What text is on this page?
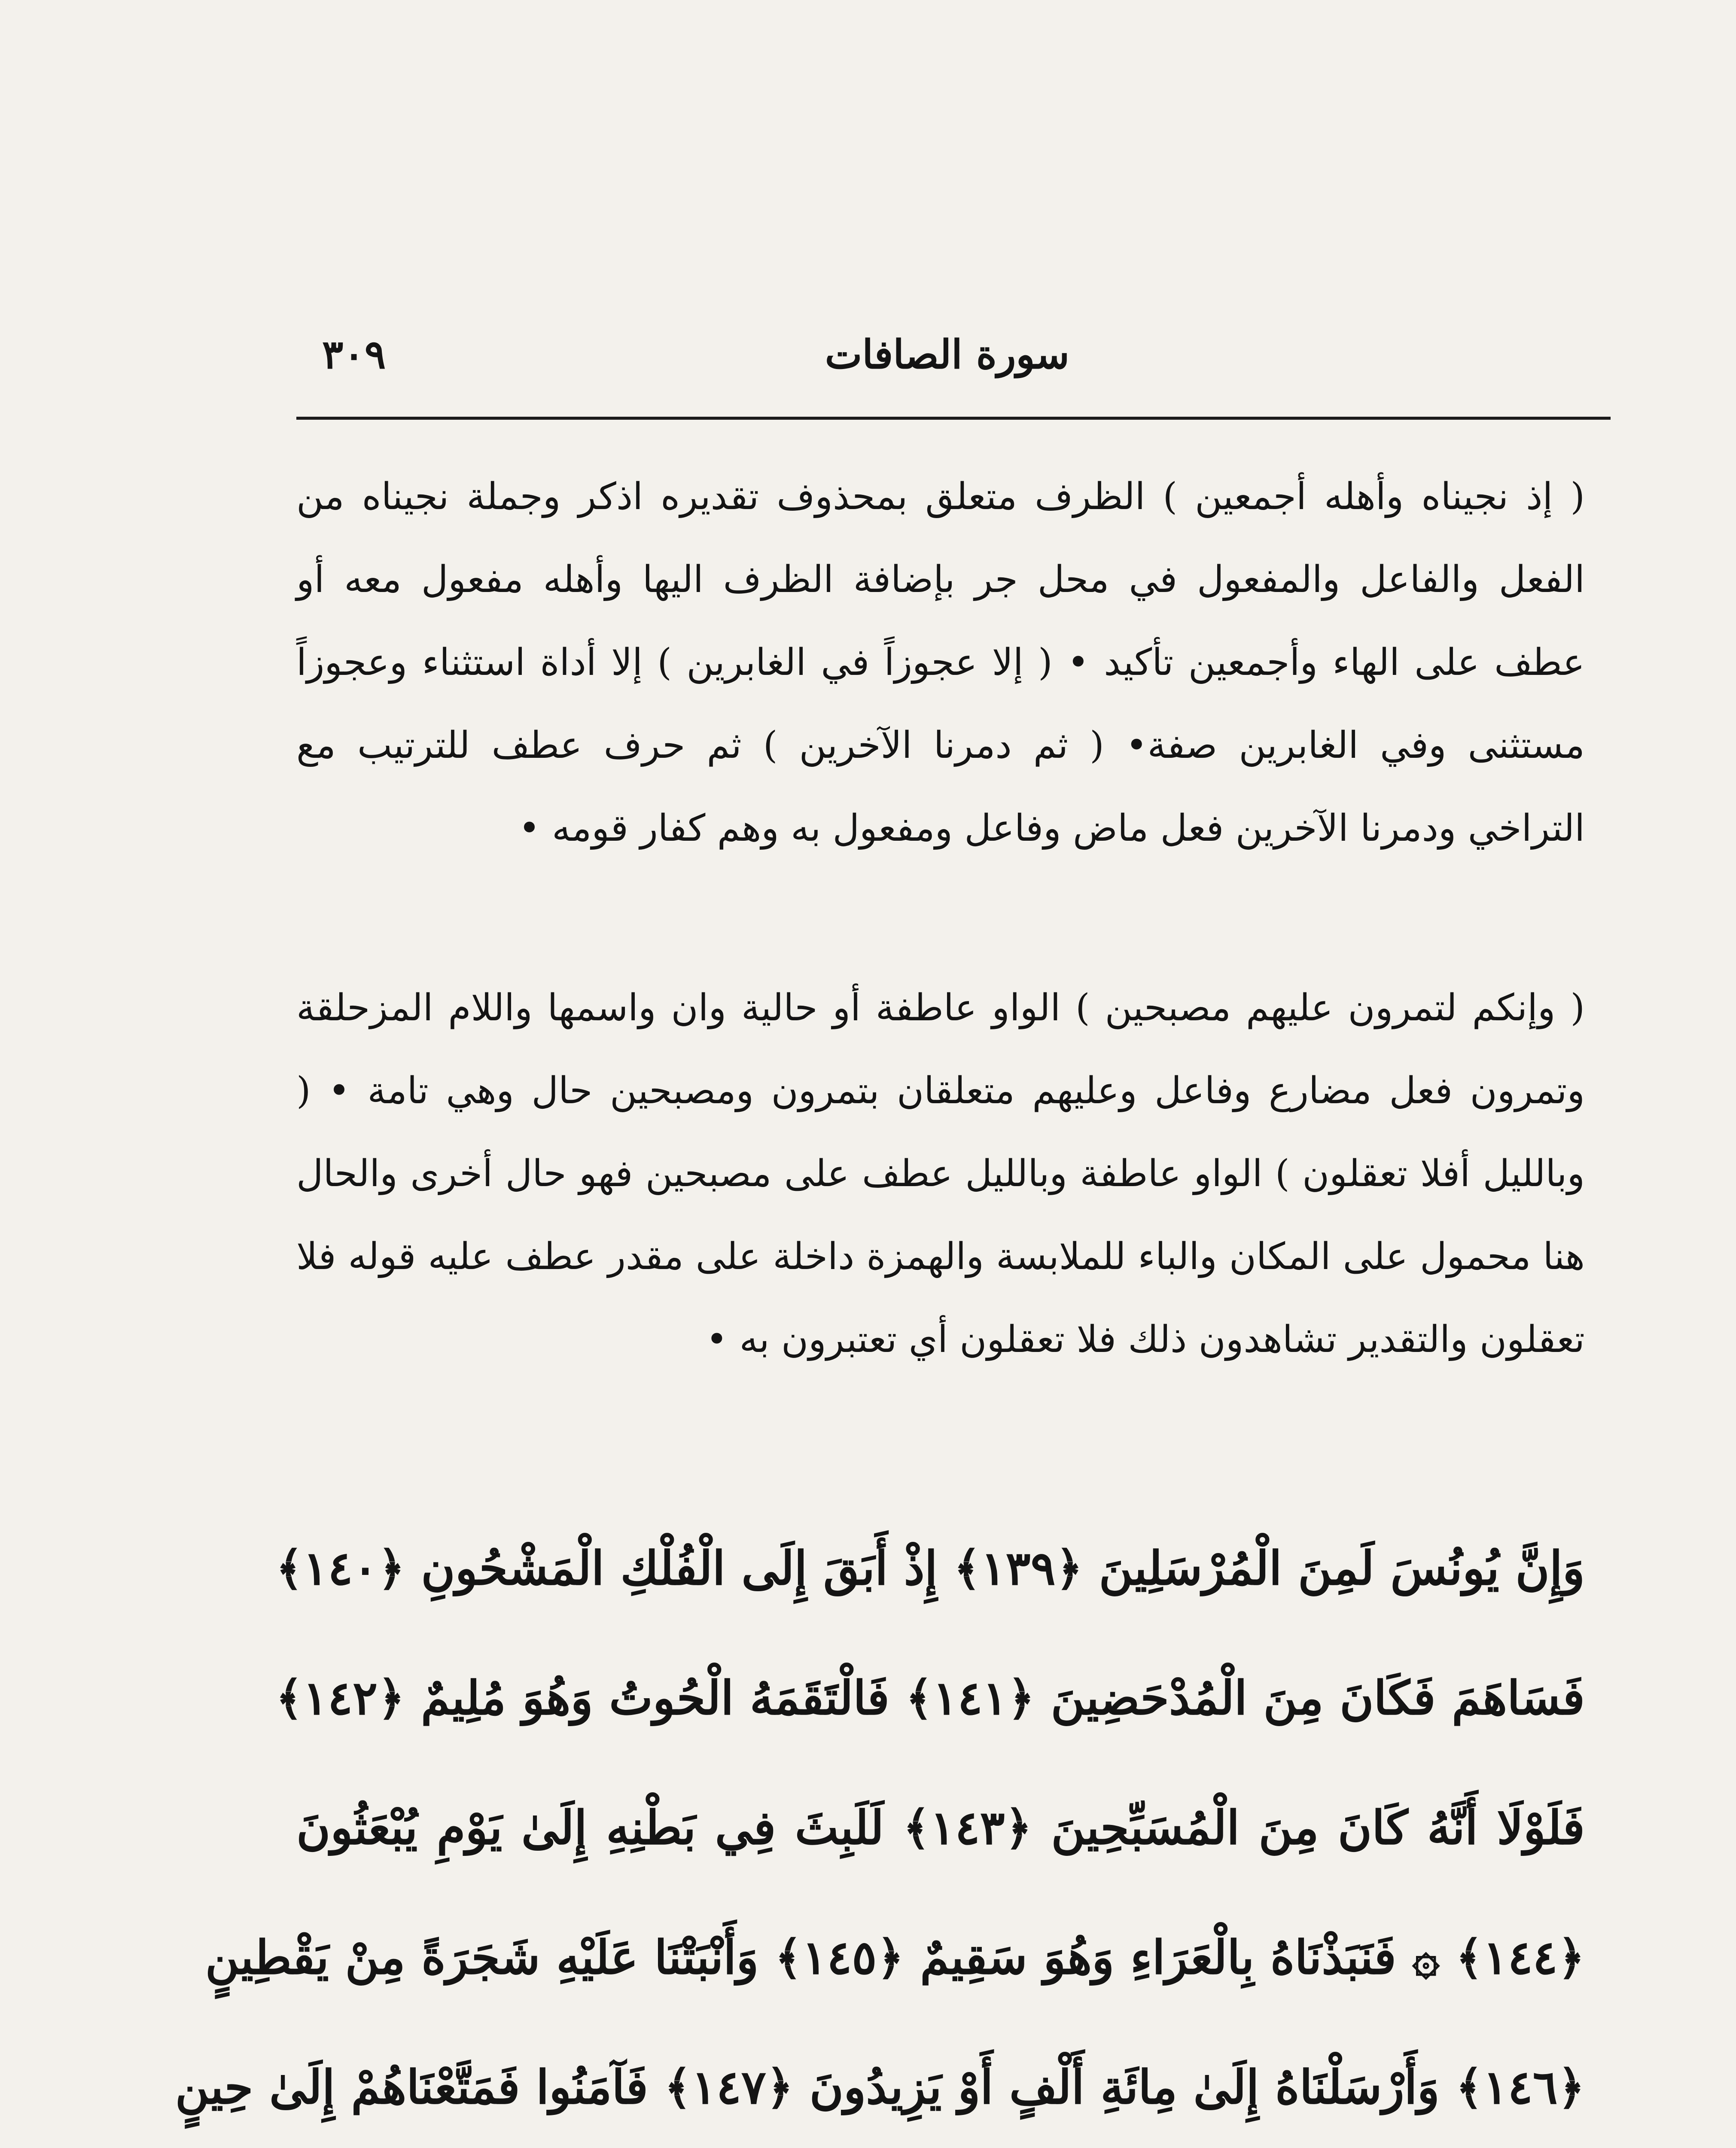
سورة الصافات
٣٠٩

( إذ نجيناه وأهله أجمعين ) الظرف متعلق بمحذوف تقديره اذكر وجملة نجيناه من الفعل والفاعل والمفعول في محل جر بإضافة الظرف اليها وأهله مفعول معه أو عطف على الهاء وأجمعين تأكيد • ( إلا عجوزاً في الغابرين ) إلا أداة استثناء وعجوزاً مستثنى وفي الغابرين صفة• ( ثم دمرنا الآخرين ) ثم حرف عطف للترتيب مع التراخي ودمرنا الآخرين فعل ماض وفاعل ومفعول به وهم كفار قومه •

( وإنكم لتمرون عليهم مصبحين ) الواو عاطفة أو حالية وان واسمها واللام المزحلقة وتمرون فعل مضارع وفاعل وعليهم متعلقان بتمرون ومصبحين حال وهي تامة • ( وبالليل أفلا تعقلون ) الواو عاطفة وبالليل عطف على مصبحين فهو حال أخرى والحال هنا محمول على المكان والباء للملابسة والهمزة داخلة على مقدر عطف عليه قوله فلا تعقلون والتقدير تشاهدون ذلك فلا تعقلون أي تعتبرون به •

وَإِنَّ يُونُسَ لَمِنَ الْمُرْسَلِينَ ﴿١٣٩﴾ إِذْ أَبَقَ إِلَى الْفُلْكِ الْمَشْحُونِ ﴿١٤٠﴾
فَسَاهَمَ فَكَانَ مِنَ الْمُدْحَضِينَ ﴿١٤١﴾ فَالْتَقَمَهُ الْحُوتُ وَهُوَ مُلِيمٌ ﴿١٤٢﴾
فَلَوْلَا أَنَّهُ كَانَ مِنَ الْمُسَبِّحِينَ ﴿١٤٣﴾ لَلَبِثَ فِي بَطْنِهِ إِلَىٰ يَوْمِ يُبْعَثُونَ
﴿١٤٤﴾ ۞ فَنَبَذْنَاهُ بِالْعَرَاءِ وَهُوَ سَقِيمٌ ﴿١٤٥﴾ وَأَنْبَتْنَا عَلَيْهِ شَجَرَةً مِنْ يَقْطِينٍ
﴿١٤٦﴾ وَأَرْسَلْنَاهُ إِلَىٰ مِائَةِ أَلْفٍ أَوْ يَزِيدُونَ ﴿١٤٧﴾ فَآمَنُوا فَمَتَّعْنَاهُمْ إِلَىٰ حِينٍ
